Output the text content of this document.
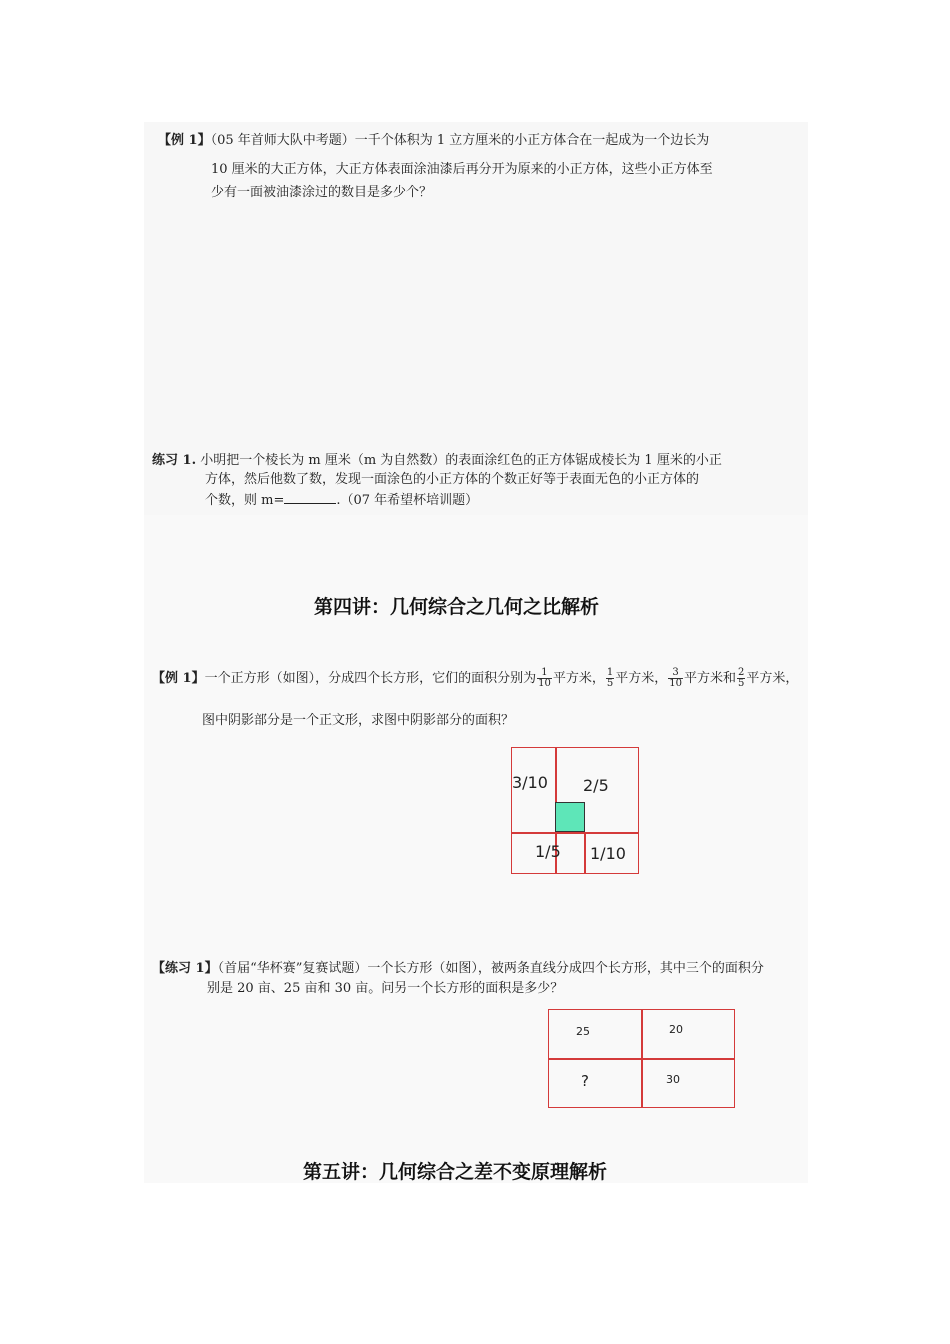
【例 1】（05 年首师大队中考题）一千个体积为 1 立方厘米的小正方体合在一起成为一个边长为
10 厘米的大正方体，大正方体表面涂油漆后再分开为原来的小正方体，这些小正方体至
少有一面被油漆涂过的数目是多少个？
练习 1. 小明把一个棱长为 m 厘米（m 为自然数）的表面涂红色的正方体锯成棱长为 1 厘米的小正
方体，然后他数了数，发现一面涂色的小正方体的个数正好等于表面无色的小正方体的
个数，则 m=	.（07 年希望杯培训题）
第四讲：几何综合之几何之比解析
【例 1】一个正方形（如图），分成四个长方形，它们的面积分别为 $\frac{1}{10}$ 平方米， $\frac{1}{5}$ 平方米， $\frac{3}{10}$ 平方米和 $\frac{2}{5}$ 平方米，
图中阴影部分是一个正文形，求图中阴影部分的面积？
3/10 2/5
1/5 1/10
【练习 1】（首届“华杯赛”复赛试题）一个长方形（如图），被两条直线分成四个长方形，其中三个的面积分
别是 20 亩、25 亩和 30 亩。问另一个长方形的面积是多少？
25	20
?	30
第五讲：几何综合之差不变原理解析
